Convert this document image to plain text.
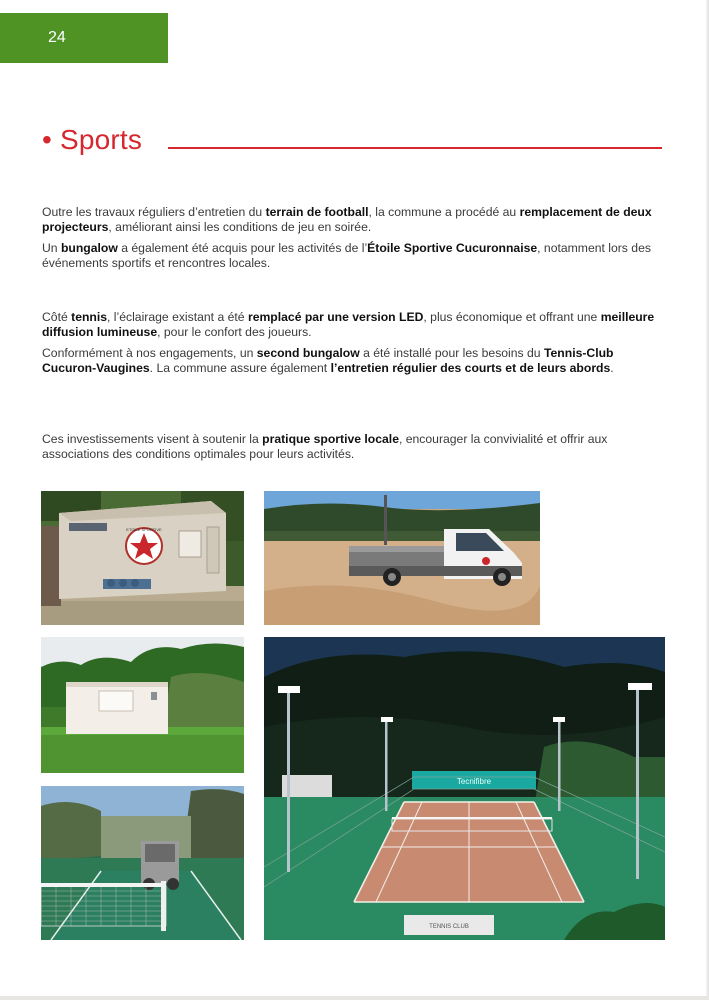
24
• Sports

Outre les travaux réguliers d’entretien du terrain de football, la commune a procédé au remplacement de deux projecteurs, améliorant ainsi les conditions de jeu en soirée.

Un bungalow a également été acquis pour les activités de l’Étoile Sportive Cucuronnaise, notamment lors des événements sportifs et rencontres locales.

Côté tennis, l’éclairage existant a été remplacé par une version LED, plus économique et offrant une meilleure diffusion lumineuse, pour le confort des joueurs.

Conformément à nos engagements, un second bungalow a été installé pour les besoins du Tennis-Club Cucuron-Vaugines. La commune assure également l’entretien régulier des courts et de leurs abords.

Ces investissements visent à soutenir la pratique sportive locale, encourager la convivialité et offrir aux associations des conditions optimales pour leurs activités.

ETOILE SPORTIVE
Tecnifibre
TENNIS CLUB
